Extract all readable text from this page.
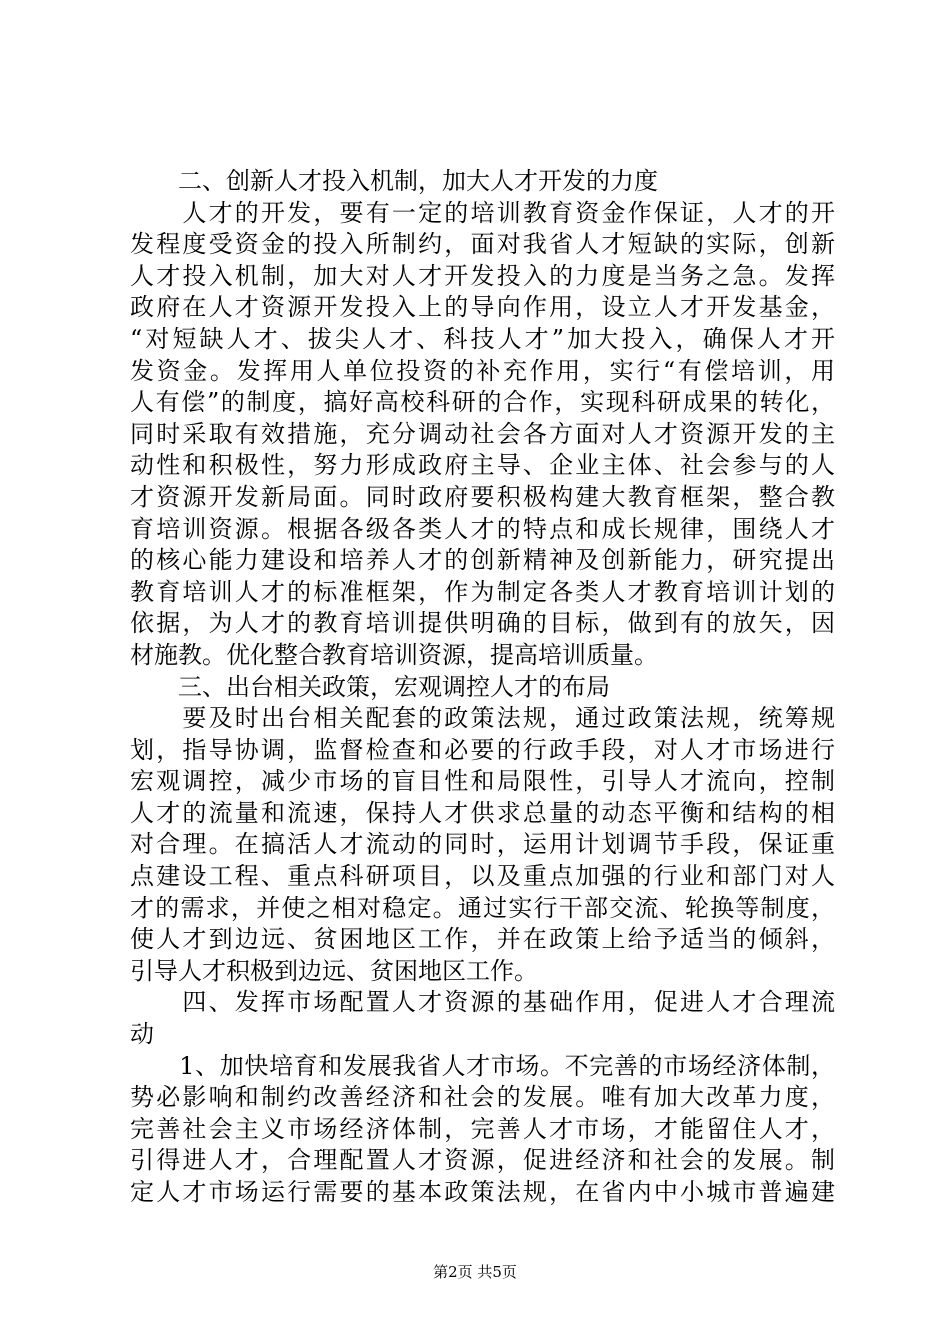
　　二、创新人才投入机制，加大人才开发的力度
　　人才的开发，要有一定的培训教育资金作保证，人才的开
发程度受资金的投入所制约，面对我省人才短缺的实际，创新
人才投入机制，加大对人才开发投入的力度是当务之急。发挥
政府在人才资源开发投入上的导向作用，设立人才开发基金，
“对短缺人才、拔尖人才、科技人才”加大投入，确保人才开
发资金。发挥用人单位投资的补充作用，实行“有偿培训，用
人有偿”的制度，搞好高校科研的合作，实现科研成果的转化，
同时采取有效措施，充分调动社会各方面对人才资源开发的主
动性和积极性，努力形成政府主导、企业主体、社会参与的人
才资源开发新局面。同时政府要积极构建大教育框架，整合教
育培训资源。根据各级各类人才的特点和成长规律，围绕人才
的核心能力建设和培养人才的创新精神及创新能力，研究提出
教育培训人才的标准框架，作为制定各类人才教育培训计划的
依据，为人才的教育培训提供明确的目标，做到有的放矢，因
材施教。优化整合教育培训资源，提高培训质量。
　　三、出台相关政策，宏观调控人才的布局
　　要及时出台相关配套的政策法规，通过政策法规，统筹规
划，指导协调，监督检查和必要的行政手段，对人才市场进行
宏观调控，减少市场的盲目性和局限性，引导人才流向，控制
人才的流量和流速，保持人才供求总量的动态平衡和结构的相
对合理。在搞活人才流动的同时，运用计划调节手段，保证重
点建设工程、重点科研项目，以及重点加强的行业和部门对人
才的需求，并使之相对稳定。通过实行干部交流、轮换等制度，
使人才到边远、贫困地区工作，并在政策上给予适当的倾斜，
引导人才积极到边远、贫困地区工作。
　　四、发挥市场配置人才资源的基础作用，促进人才合理流
动
　　1、加快培育和发展我省人才市场。不完善的市场经济体制，
势必影响和制约改善经济和社会的发展。唯有加大改革力度，
完善社会主义市场经济体制，完善人才市场，才能留住人才，
引得进人才，合理配置人才资源，促进经济和社会的发展。制
定人才市场运行需要的基本政策法规，在省内中小城市普遍建
第2页 共5页
